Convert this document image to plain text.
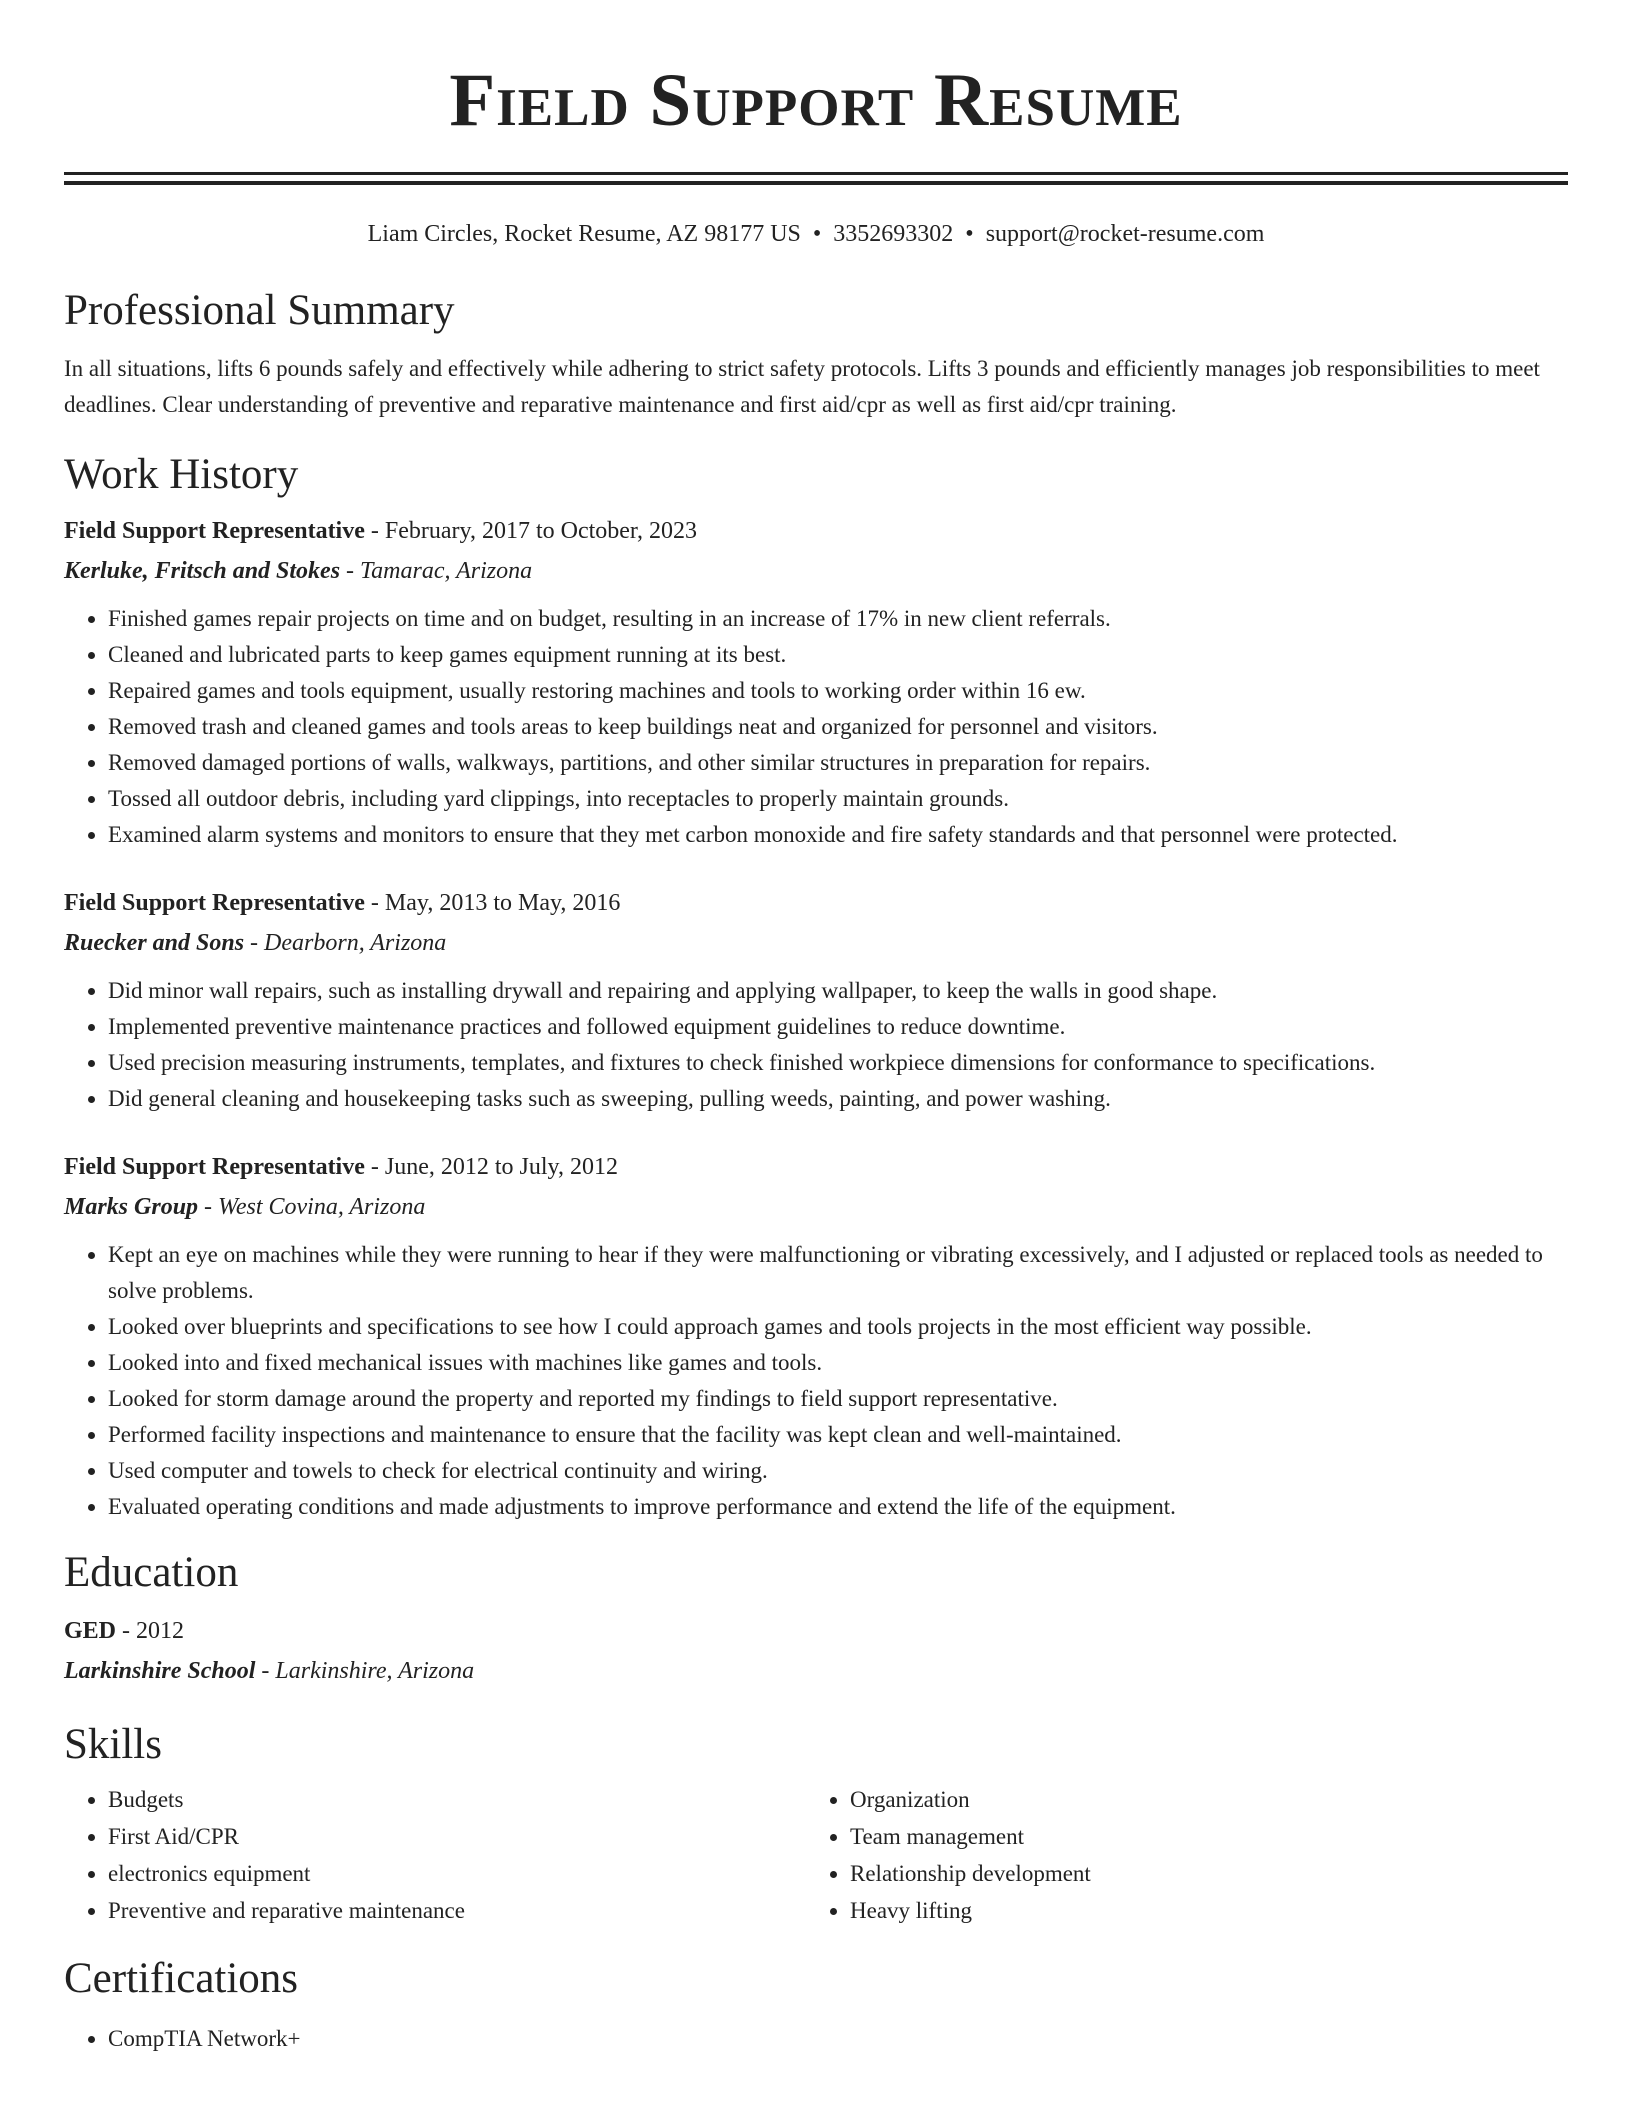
Field Support Resume
Liam Circles, Rocket Resume, AZ 98177 US • 3352693302 • support@rocket-resume.com
Professional Summary

In all situations, lifts 6 pounds safely and effectively while adhering to strict safety protocols. Lifts 3 pounds and efficiently manages job responsibilities to meet deadlines. Clear understanding of preventive and reparative maintenance and first aid/cpr as well as first aid/cpr training.

Work History

Field Support Representative - February, 2017 to October, 2023

Kerluke, Fritsch and Stokes - Tamarac, Arizona

• Finished games repair projects on time and on budget, resulting in an increase of 17% in new client referrals.
• Cleaned and lubricated parts to keep games equipment running at its best.
• Repaired games and tools equipment, usually restoring machines and tools to working order within 16 ew.
• Removed trash and cleaned games and tools areas to keep buildings neat and organized for personnel and visitors.
• Removed damaged portions of walls, walkways, partitions, and other similar structures in preparation for repairs.
• Tossed all outdoor debris, including yard clippings, into receptacles to properly maintain grounds.
• Examined alarm systems and monitors to ensure that they met carbon monoxide and fire safety standards and that personnel were protected.

Field Support Representative - May, 2013 to May, 2016

Ruecker and Sons - Dearborn, Arizona

• Did minor wall repairs, such as installing drywall and repairing and applying wallpaper, to keep the walls in good shape.
• Implemented preventive maintenance practices and followed equipment guidelines to reduce downtime.
• Used precision measuring instruments, templates, and fixtures to check finished workpiece dimensions for conformance to specifications.
• Did general cleaning and housekeeping tasks such as sweeping, pulling weeds, painting, and power washing.

Field Support Representative - June, 2012 to July, 2012

Marks Group - West Covina, Arizona

• Kept an eye on machines while they were running to hear if they were malfunctioning or vibrating excessively, and I adjusted or replaced tools as needed to solve problems.
• Looked over blueprints and specifications to see how I could approach games and tools projects in the most efficient way possible.
• Looked into and fixed mechanical issues with machines like games and tools.
• Looked for storm damage around the property and reported my findings to field support representative.
• Performed facility inspections and maintenance to ensure that the facility was kept clean and well-maintained.
• Used computer and towels to check for electrical continuity and wiring.
• Evaluated operating conditions and made adjustments to improve performance and extend the life of the equipment.
Education

GED - 2012

Larkinshire School - Larkinshire, Arizona

Skills
• Budgets
• First Aid/CPR
• electronics equipment
• Preventive and reparative maintenance
• Organization
• Team management
• Relationship development
• Heavy lifting
Certifications
• CompTIA Network+
